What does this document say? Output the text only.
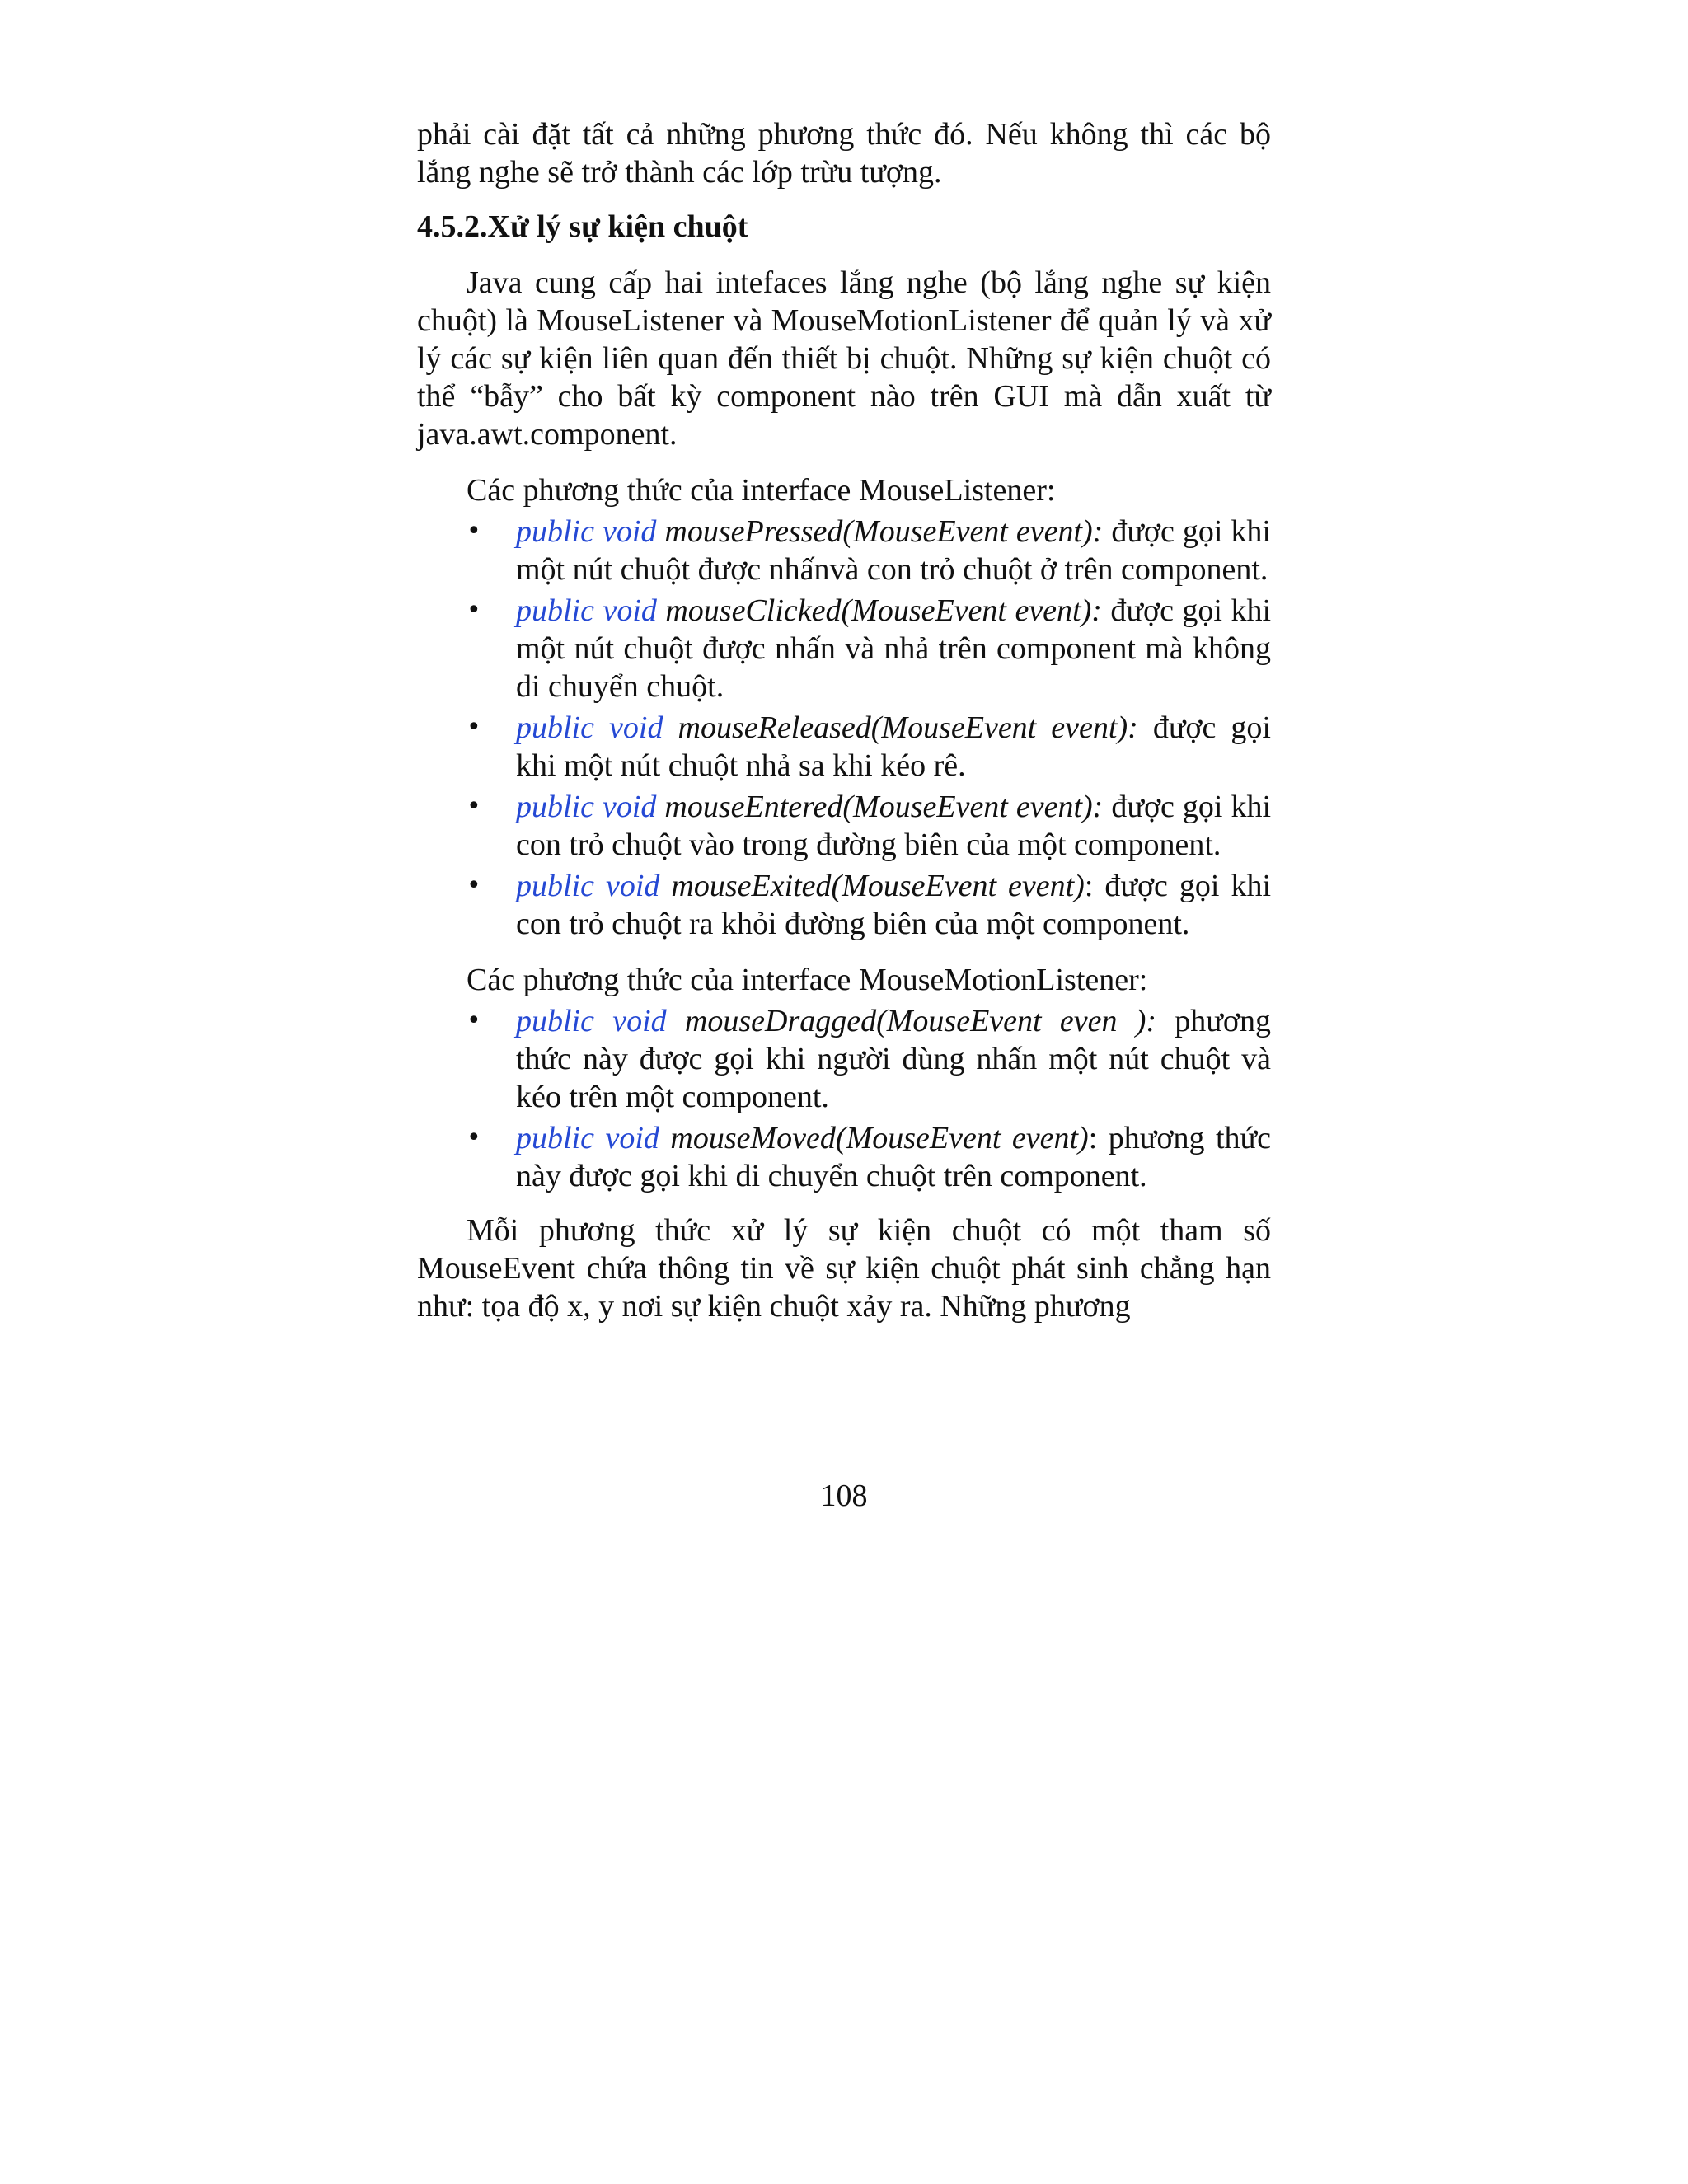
phải cài đặt tất cả những phương thức đó. Nếu không thì các bộ lắng nghe sẽ trở thành các lớp trừu tượng.

4.5.2.Xử lý sự kiện chuột

Java cung cấp hai intefaces lắng nghe (bộ lắng nghe sự kiện chuột) là MouseListener và MouseMotionListener để quản lý và xử lý các sự kiện liên quan đến thiết bị chuột. Những sự kiện chuột có thể “bẫy” cho bất kỳ component nào trên GUI mà dẫn xuất từ java.awt.component.

Các phương thức của interface MouseListener:

• public void mousePressed(MouseEvent event): được gọi khi một nút chuột được nhấnvà con trỏ chuột ở trên component.
• public void mouseClicked(MouseEvent event): được gọi khi một nút chuột được nhấn và nhả trên component mà không di chuyển chuột.
• public void mouseReleased(MouseEvent event): được gọi khi một nút chuột nhả sa khi kéo rê.
• public void mouseEntered(MouseEvent event): được gọi khi con trỏ chuột vào trong đường biên của một component.
• public void mouseExited(MouseEvent event): được gọi khi con trỏ chuột ra khỏi đường biên của một component.

Các phương thức của interface MouseMotionListener:

• public void mouseDragged(MouseEvent even ): phương thức này được gọi khi người dùng nhấn một nút chuột và kéo trên một component.
• public void mouseMoved(MouseEvent event): phương thức này được gọi khi di chuyển chuột trên component.

Mỗi phương thức xử lý sự kiện chuột có một tham số MouseEvent chứa thông tin về sự kiện chuột phát sinh chẳng hạn như: tọa độ x, y nơi sự kiện chuột xảy ra. Những phương

108
